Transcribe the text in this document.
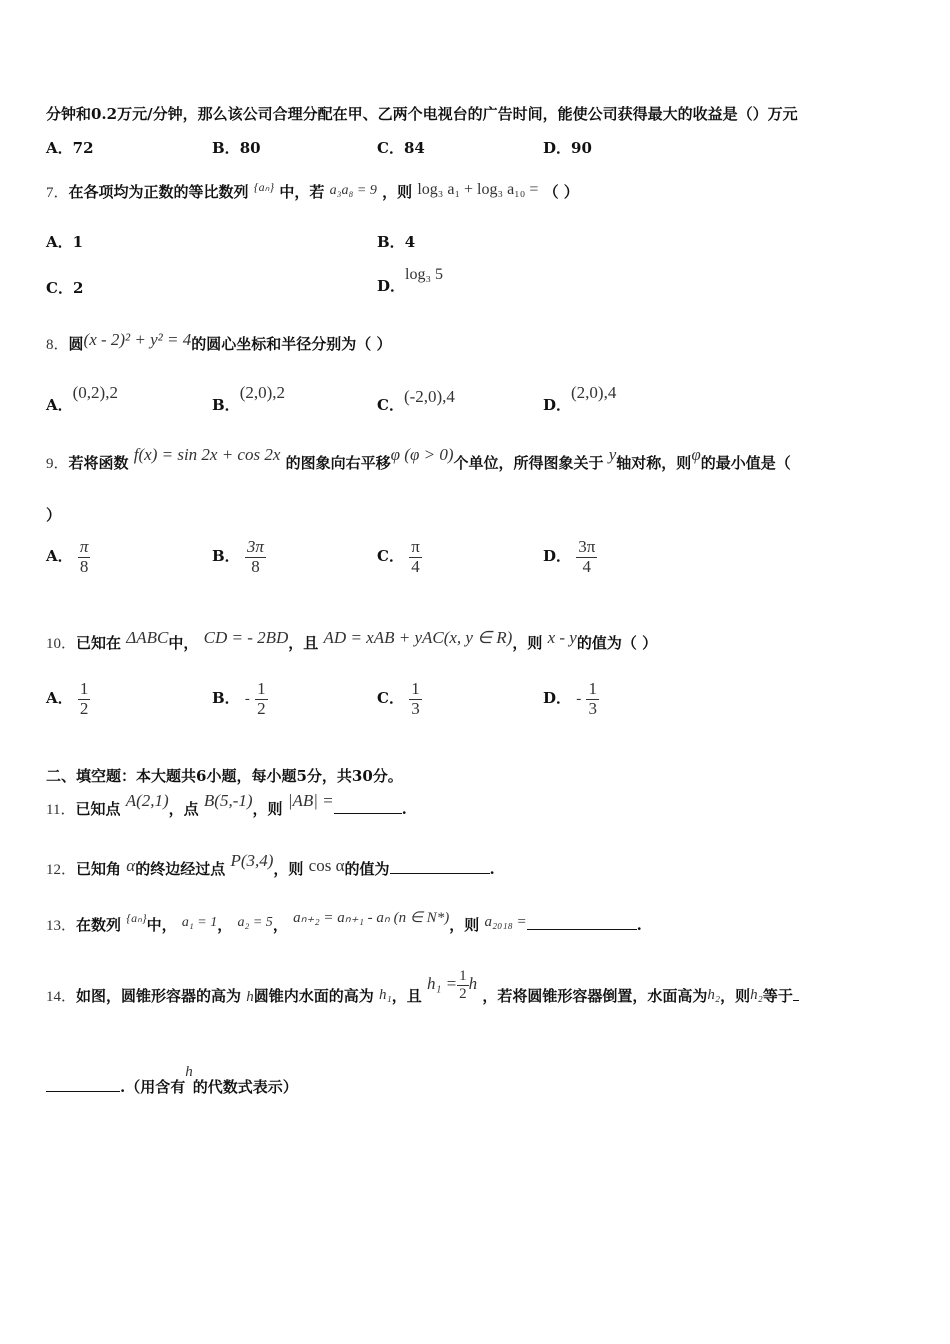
分钟和0.2万元/分钟，那么该公司合理分配在甲、乙两个电视台的广告时间，能使公司获得最大的收益是（）万元
A．72	B．80	C．84	D．90
7．在各项均为正数的等比数列 $^{\{a_n\}}$ 中，若 a₃a₈ = 9 ，则 log₃ a₁ + log₃ a₁₀ = （ ）
A．1	B．4
C．2	D．log₃ 5
8．圆(x - 2)² + y² = 4的圆心坐标和半径分别为（ ）
A．(0,2),2
B．(2,0),2
C．(-2,0),4	D．(2,0),4
9．若将函数 f(x) = sin 2x + cos 2x 的图象向右平移φ (φ > 0)个单位，所得图象关于 y轴对称，则φ的最小值是（
）
A． $\frac{\pi}{8}$	B． $\frac{3\pi}{8}$	C． $\frac{\pi}{4}$	D． $\frac{3\pi}{4}$
10．已知在 ΔABC中， CD = - 2BD，且 AD = xAB + yAC(x, y ∈ R)，则 x - y的值为（ ）
A． $\frac{1}{2}$	B． - $\frac{1}{2}$	C． $\frac{1}{3}$	D． - $\frac{1}{3}$
二、填空题：本大题共6小题，每小题5分，共30分。
11．已知点 A(2,1)，点 B(5,-1)，则 |AB| =	.
12．已知角 α的终边经过点 P(3,4)，则 cos α的值为	.
13．在数列 {aₙ}中， a₁ = 1， a₂ = 5， aₙ₊₂ = aₙ₊₁ - aₙ (n ∈ N*)，则 a₂₀₁₈ =	.
14．如图，圆锥形容器的高为 h圆锥内水面的高为 h₁，且 $h_1 = \frac{1}{2}$ h ，若将圆锥形容器倒置，水面高为h₂，则h₂等于
.（用含有h的代数式表示）
